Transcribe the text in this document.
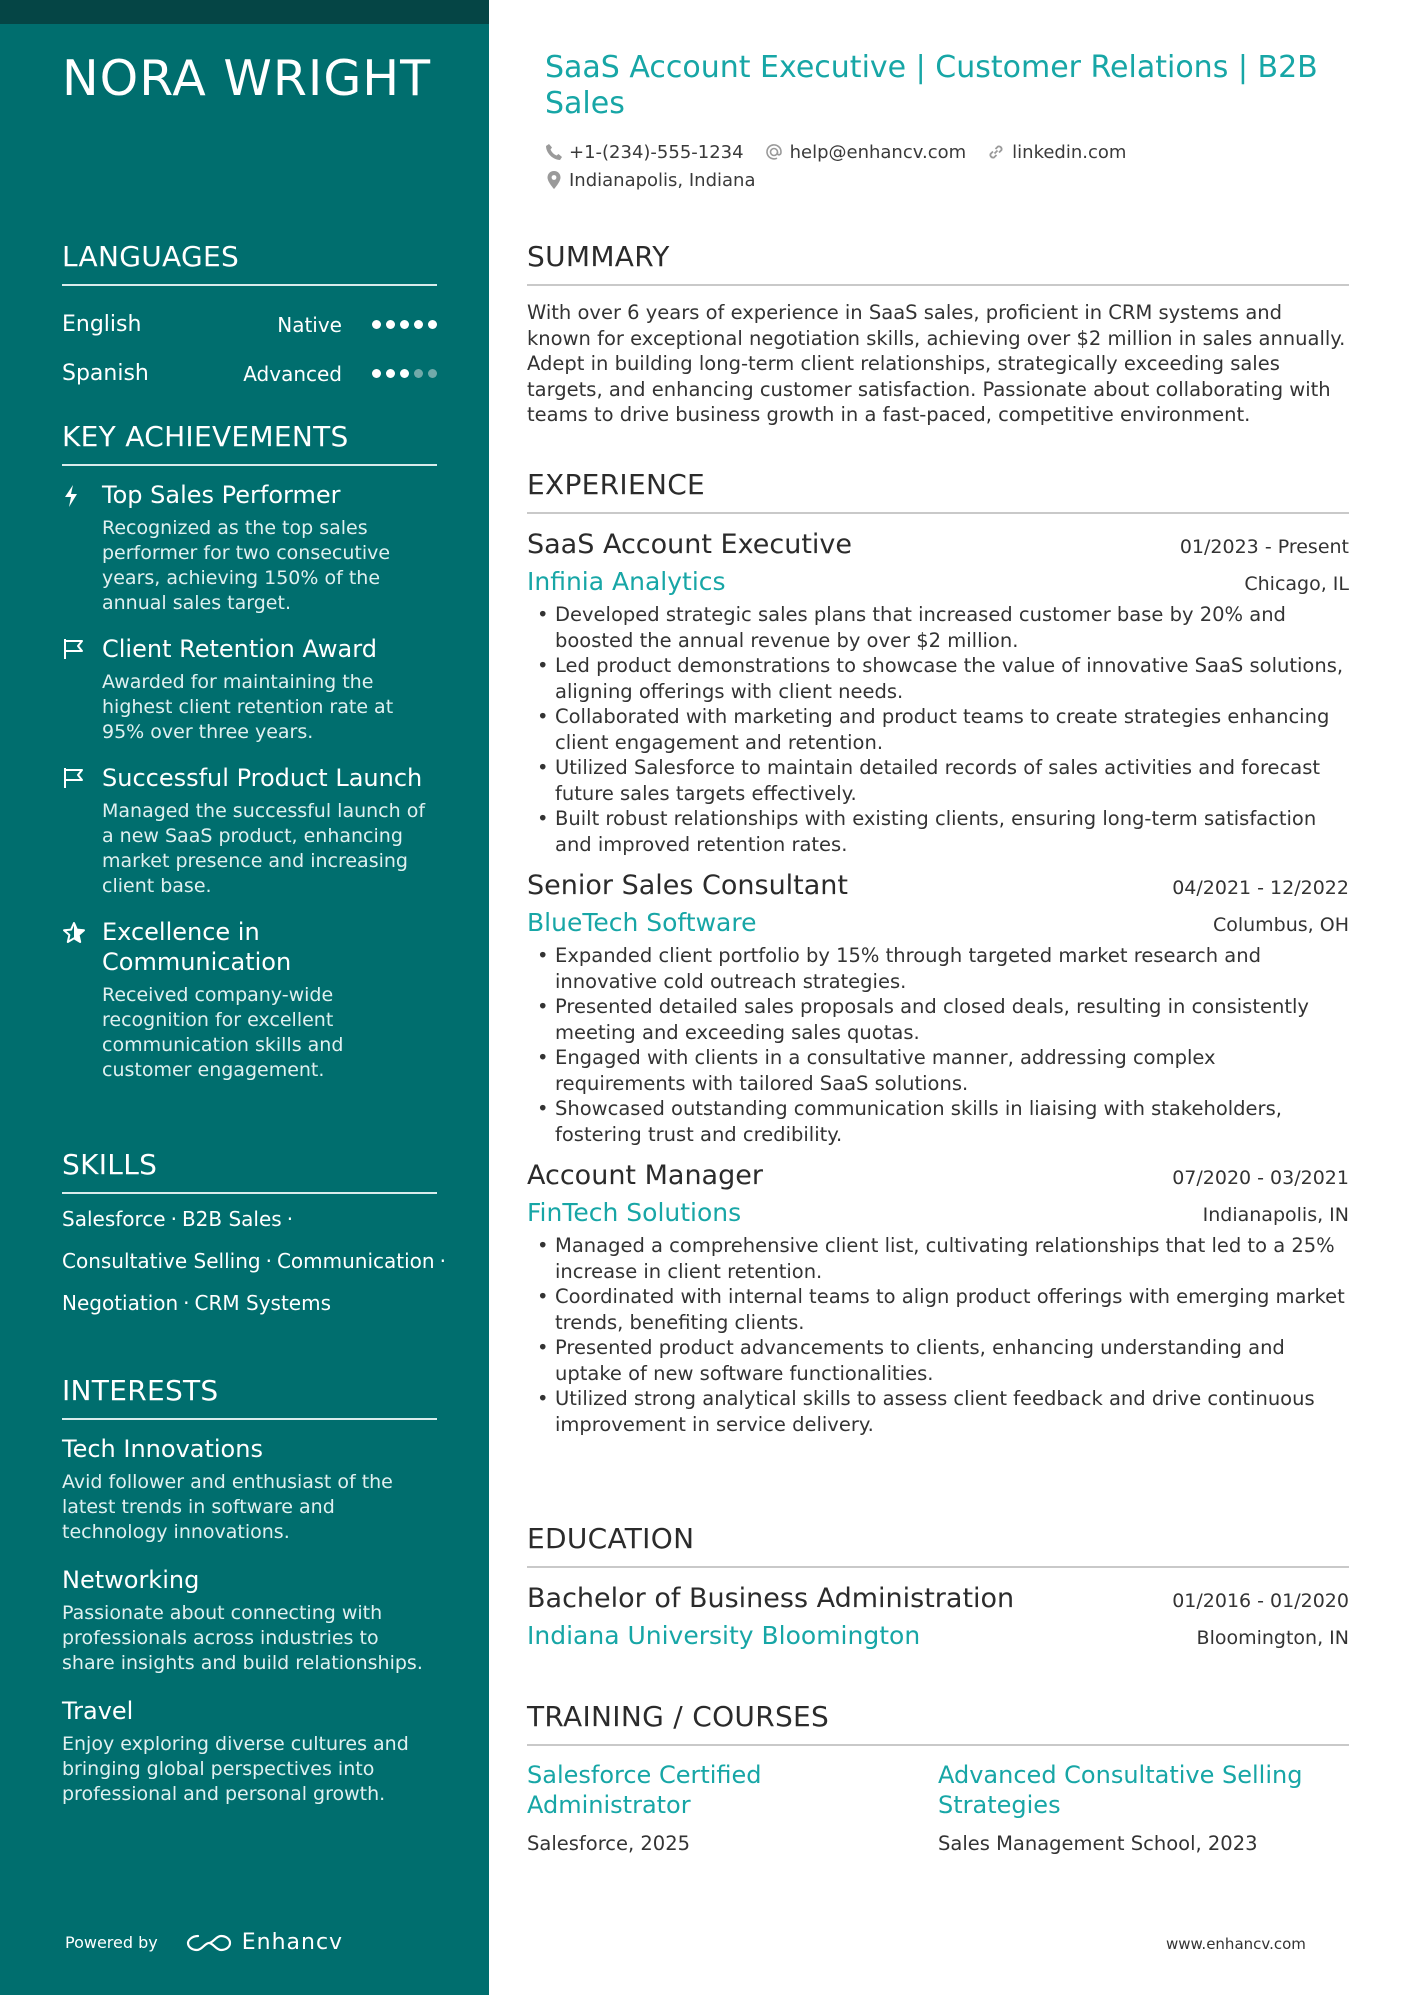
NORA WRIGHT
LANGUAGES
English	Native
Spanish	Advanced
KEY ACHIEVEMENTS
Top Sales Performer
Recognized as the top sales performer for two consecutive years, achieving 150% of the annual sales target.
Client Retention Award
Awarded for maintaining the highest client retention rate at 95% over three years.
Successful Product Launch
Managed the successful launch of a new SaaS product, enhancing market presence and increasing client base.
Excellence in Communication
Received company-wide recognition for excellent communication skills and customer engagement.
SKILLS
Salesforce · B2B Sales ·
Consultative Selling · Communication ·
Negotiation · CRM Systems
INTERESTS
Tech Innovations
Avid follower and enthusiast of the latest trends in software and technology innovations.
Networking
Passionate about connecting with professionals across industries to share insights and build relationships.
Travel
Enjoy exploring diverse cultures and bringing global perspectives into professional and personal growth.
Powered by	Enhancv
SaaS Account Executive | Customer Relations | B2B Sales
+1-(234)-555-1234	help@enhancv.com	linkedin.com
Indianapolis, Indiana
SUMMARY

With over 6 years of experience in SaaS sales, proficient in CRM systems and known for exceptional negotiation skills, achieving over $2 million in sales annually. Adept in building long-term client relationships, strategically exceeding sales targets, and enhancing customer satisfaction. Passionate about collaborating with teams to drive business growth in a fast-paced, competitive environment.

EXPERIENCE
SaaS Account Executive	01/2023 - Present
Infinia Analytics	Chicago, IL
• Developed strategic sales plans that increased customer base by 20% and boosted the annual revenue by over $2 million.
• Led product demonstrations to showcase the value of innovative SaaS solutions, aligning offerings with client needs.
• Collaborated with marketing and product teams to create strategies enhancing client engagement and retention.
• Utilized Salesforce to maintain detailed records of sales activities and forecast future sales targets effectively.
• Built robust relationships with existing clients, ensuring long-term satisfaction and improved retention rates.
Senior Sales Consultant	04/2021 - 12/2022
BlueTech Software	Columbus, OH
• Expanded client portfolio by 15% through targeted market research and innovative cold outreach strategies.
• Presented detailed sales proposals and closed deals, resulting in consistently meeting and exceeding sales quotas.
• Engaged with clients in a consultative manner, addressing complex requirements with tailored SaaS solutions.
• Showcased outstanding communication skills in liaising with stakeholders, fostering trust and credibility.
Account Manager	07/2020 - 03/2021
FinTech Solutions	Indianapolis, IN
• Managed a comprehensive client list, cultivating relationships that led to a 25% increase in client retention.
• Coordinated with internal teams to align product offerings with emerging market trends, benefiting clients.
• Presented product advancements to clients, enhancing understanding and uptake of new software functionalities.
• Utilized strong analytical skills to assess client feedback and drive continuous improvement in service delivery.
EDUCATION
Bachelor of Business Administration	01/2016 - 01/2020
Indiana University Bloomington	Bloomington, IN
TRAINING / COURSES
Salesforce Certified Administrator
Salesforce, 2025
Advanced Consultative Selling Strategies
Sales Management School, 2023
www.enhancv.com
